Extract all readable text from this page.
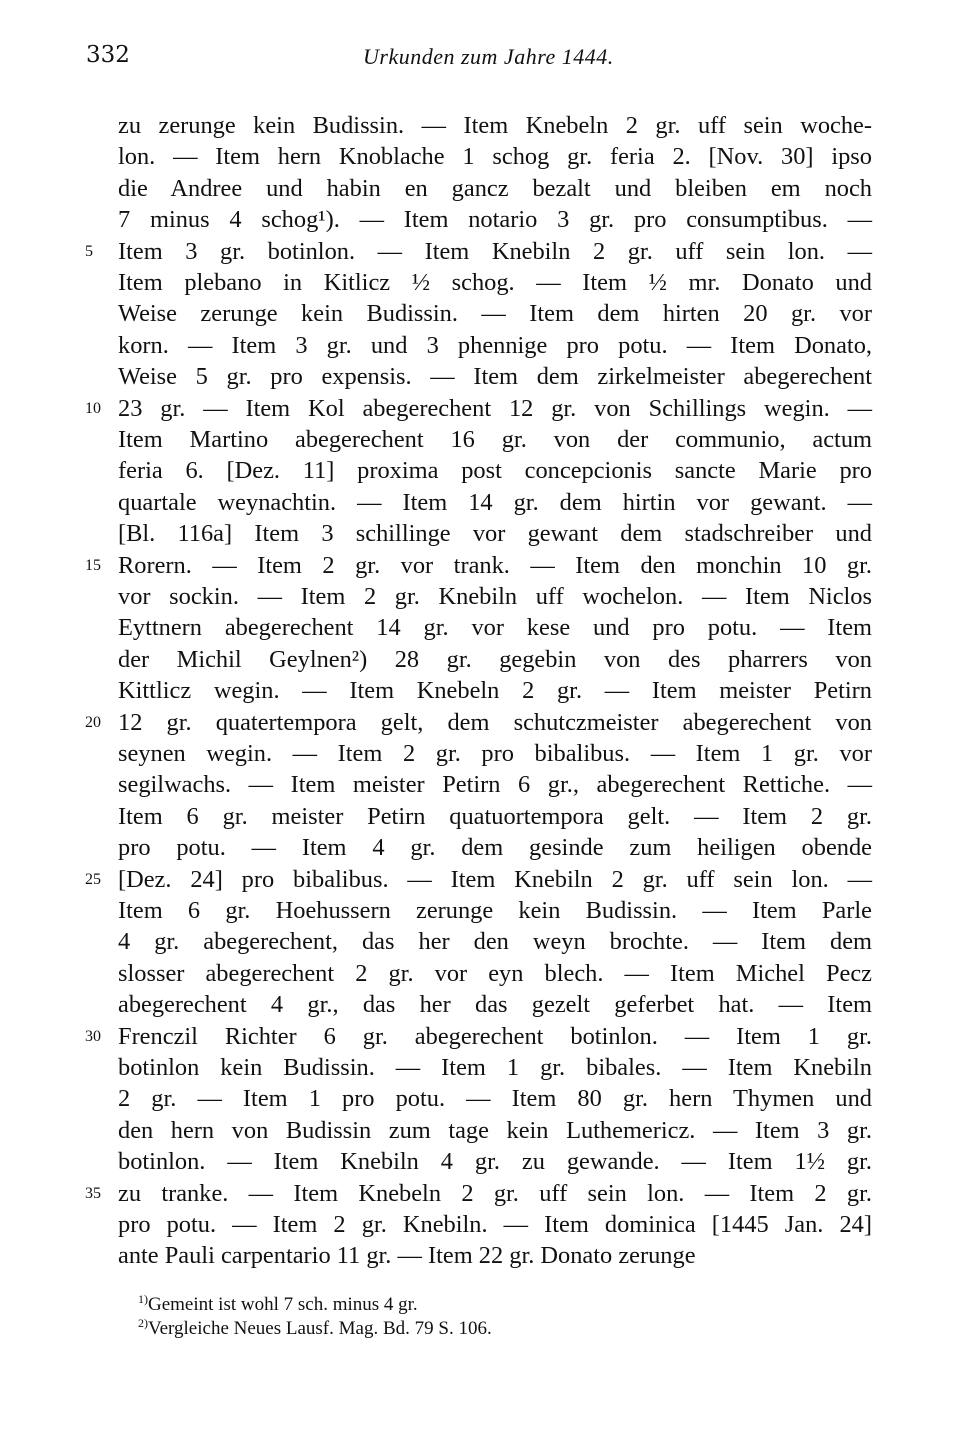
332	Urkunden zum Jahre 1444.
zu zerunge kein Budissin. — Item Knebeln 2 gr. uff sein woche-
lon. — Item hern Knoblache 1 schog gr. feria 2. [Nov. 30] ipso
die Andree und habin en gancz bezalt und bleiben em noch
7 minus 4 schog¹). — Item notario 3 gr. pro consumptibus. —
5	Item 3 gr. botinlon. — Item Knebiln 2 gr. uff sein lon. —
Item plebano in Kitlicz ½ schog. — Item ½ mr. Donato und
Weise zerunge kein Budissin. — Item dem hirten 20 gr. vor
korn. — Item 3 gr. und 3 phennige pro potu. — Item Donato,
Weise 5 gr. pro expensis. — Item dem zirkelmeister abegerechent
10 23 gr. — Item Kol abegerechent 12 gr. von Schillings wegin. —
Item Martino abegerechent 16 gr. von der communio, actum
feria 6. [Dez. 11] proxima post concepcionis sancte Marie pro
quartale weynachtin. — Item 14 gr. dem hirtin vor gewant. —
[Bl. 116a] Item 3 schillinge vor gewant dem stadschreiber und
15 Rorern. — Item 2 gr. vor trank. — Item den monchin 10 gr.
vor sockin. — Item 2 gr. Knebiln uff wochelon. — Item Niclos
Eyttnern abegerechent 14 gr. vor kese und pro potu. — Item
der Michil Geylnen²) 28 gr. gegebin von des pharrers von
Kittlicz wegin. — Item Knebeln 2 gr. — Item meister Petirn
20 12 gr. quatertempora gelt, dem schutczmeister abegerechent von
seynen wegin. — Item 2 gr. pro bibalibus. — Item 1 gr. vor
segilwachs. — Item meister Petirn 6 gr., abegerechent Rettiche. —
Item 6 gr. meister Petirn quatuortempora gelt. — Item 2 gr.
pro potu. — Item 4 gr. dem gesinde zum heiligen obende
25 [Dez. 24] pro bibalibus. — Item Knebiln 2 gr. uff sein lon. —
Item 6 gr. Hoehussern zerunge kein Budissin. — Item Parle
4 gr. abegerechent, das her den weyn brochte. — Item dem
slosser abegerechent 2 gr. vor eyn blech. — Item Michel Pecz
abegerechent 4 gr., das her das gezelt geferbet hat. — Item
30 Frenczil Richter 6 gr. abegerechent botinlon. — Item 1 gr.
botinlon kein Budissin. — Item 1 gr. bibales. — Item Knebiln
2 gr. — Item 1 pro potu. — Item 80 gr. hern Thymen und
den hern von Budissin zum tage kein Luthemericz. — Item 3 gr.
botinlon. — Item Knebiln 4 gr. zu gewande. — Item 1½ gr.
35 zu tranke. — Item Knebeln 2 gr. uff sein lon. — Item 2 gr.
pro potu. — Item 2 gr. Knebiln. — Item dominica [1445 Jan. 24]
ante Pauli carpentario 11 gr. — Item 22 gr. Donato zerunge
1) Gemeint ist wohl 7 sch. minus 4 gr.
2) Vergleiche Neues Lausf. Mag. Bd. 79 S. 106.
